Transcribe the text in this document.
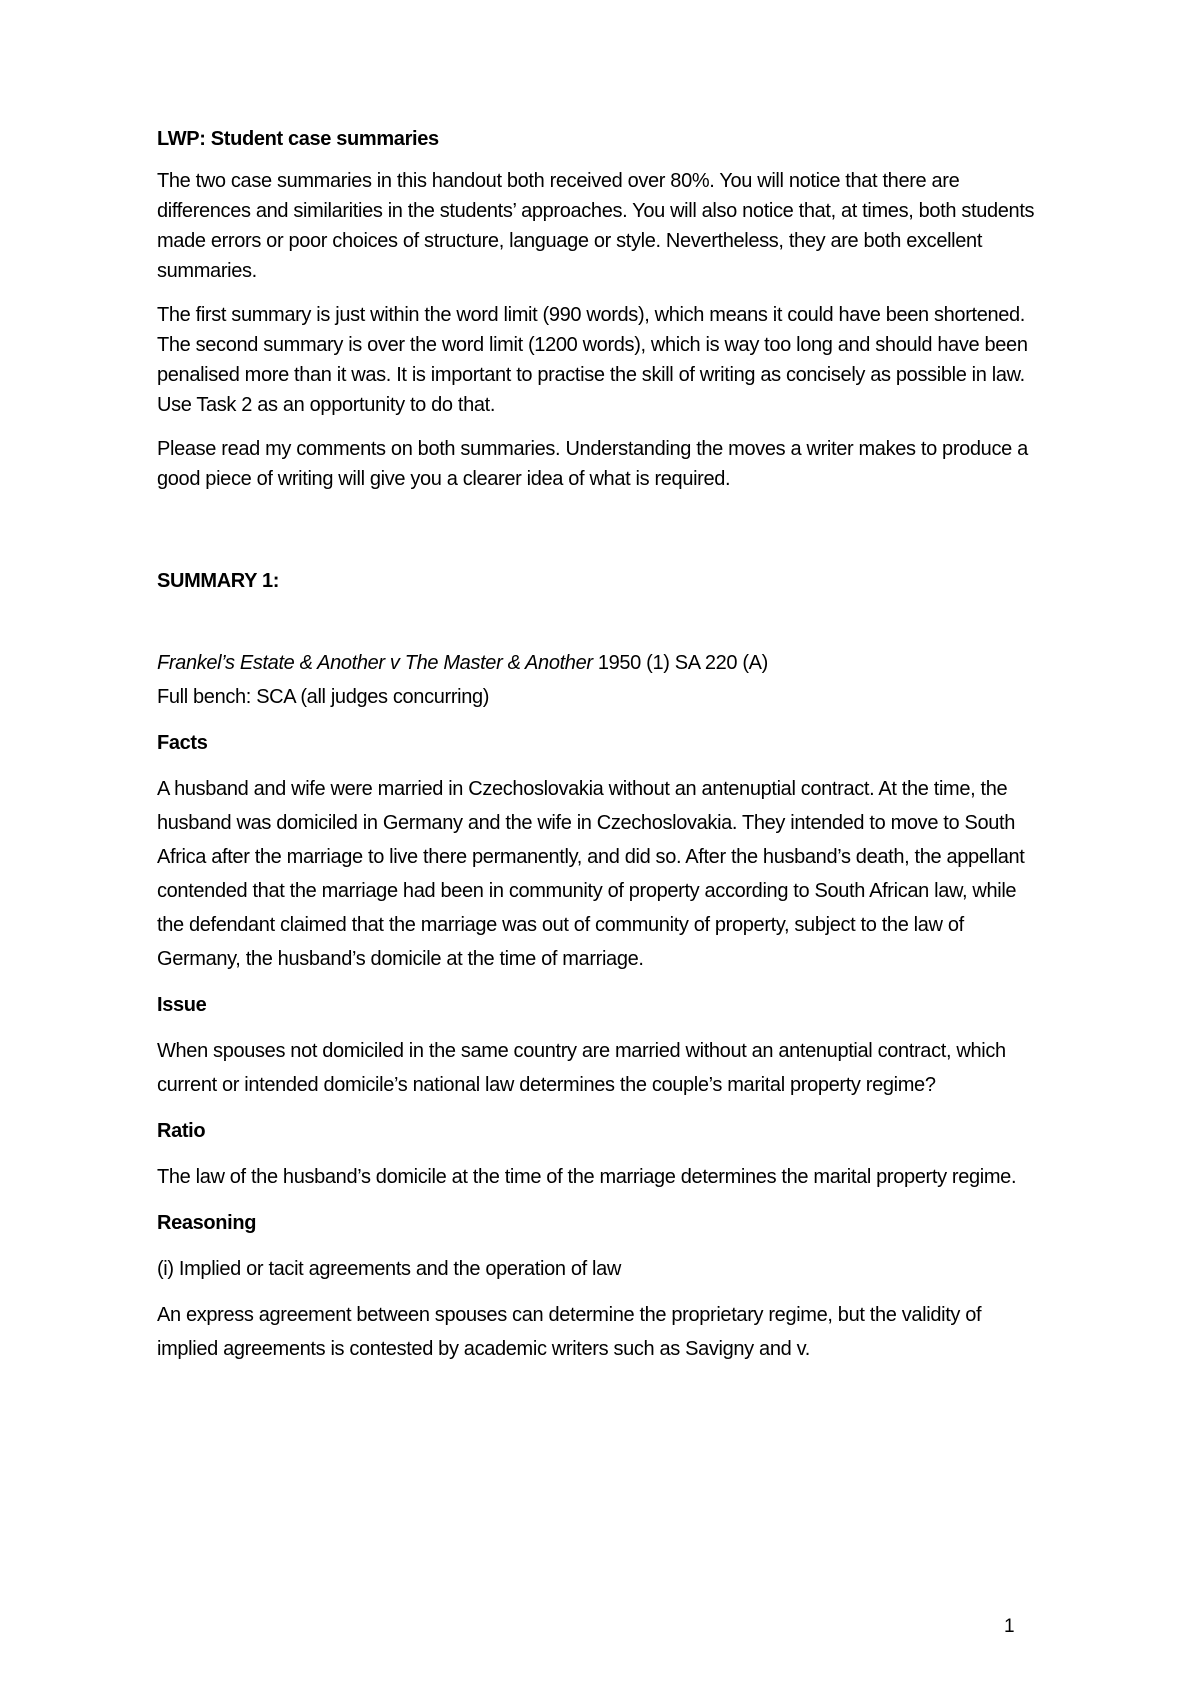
LWP: Student case summaries

The two case summaries in this handout both received over 80%. You will notice that there are differences and similarities in the students’ approaches. You will also notice that, at times, both students made errors or poor choices of structure, language or style. Nevertheless, they are both excellent summaries.

The first summary is just within the word limit (990 words), which means it could have been shortened. The second summary is over the word limit (1200 words), which is way too long and should have been penalised more than it was. It is important to practise the skill of writing as concisely as possible in law. Use Task 2 as an opportunity to do that.

Please read my comments on both summaries. Understanding the moves a writer makes to produce a good piece of writing will give you a clearer idea of what is required.

SUMMARY 1:
Frankel’s Estate & Another v The Master & Another 1950 (1) SA 220 (A)
Full bench: SCA (all judges concurring)
Facts
A husband and wife were married in Czechoslovakia without an antenuptial contract. At the time, the husband was domiciled in Germany and the wife in Czechoslovakia. They intended to move to South Africa after the marriage to live there permanently, and did so. After the husband’s death, the appellant contended that the marriage had been in community of property according to South African law, while the defendant claimed that the marriage was out of community of property, subject to the law of Germany, the husband’s domicile at the time of marriage.
Issue
When spouses not domiciled in the same country are married without an antenuptial contract, which current or intended domicile’s national law determines the couple’s marital property regime?
Ratio
The law of the husband’s domicile at the time of the marriage determines the marital property regime.
Reasoning
(i) Implied or tacit agreements and the operation of law
An express agreement between spouses can determine the proprietary regime, but the validity of implied agreements is contested by academic writers such as Savigny and v.
1
